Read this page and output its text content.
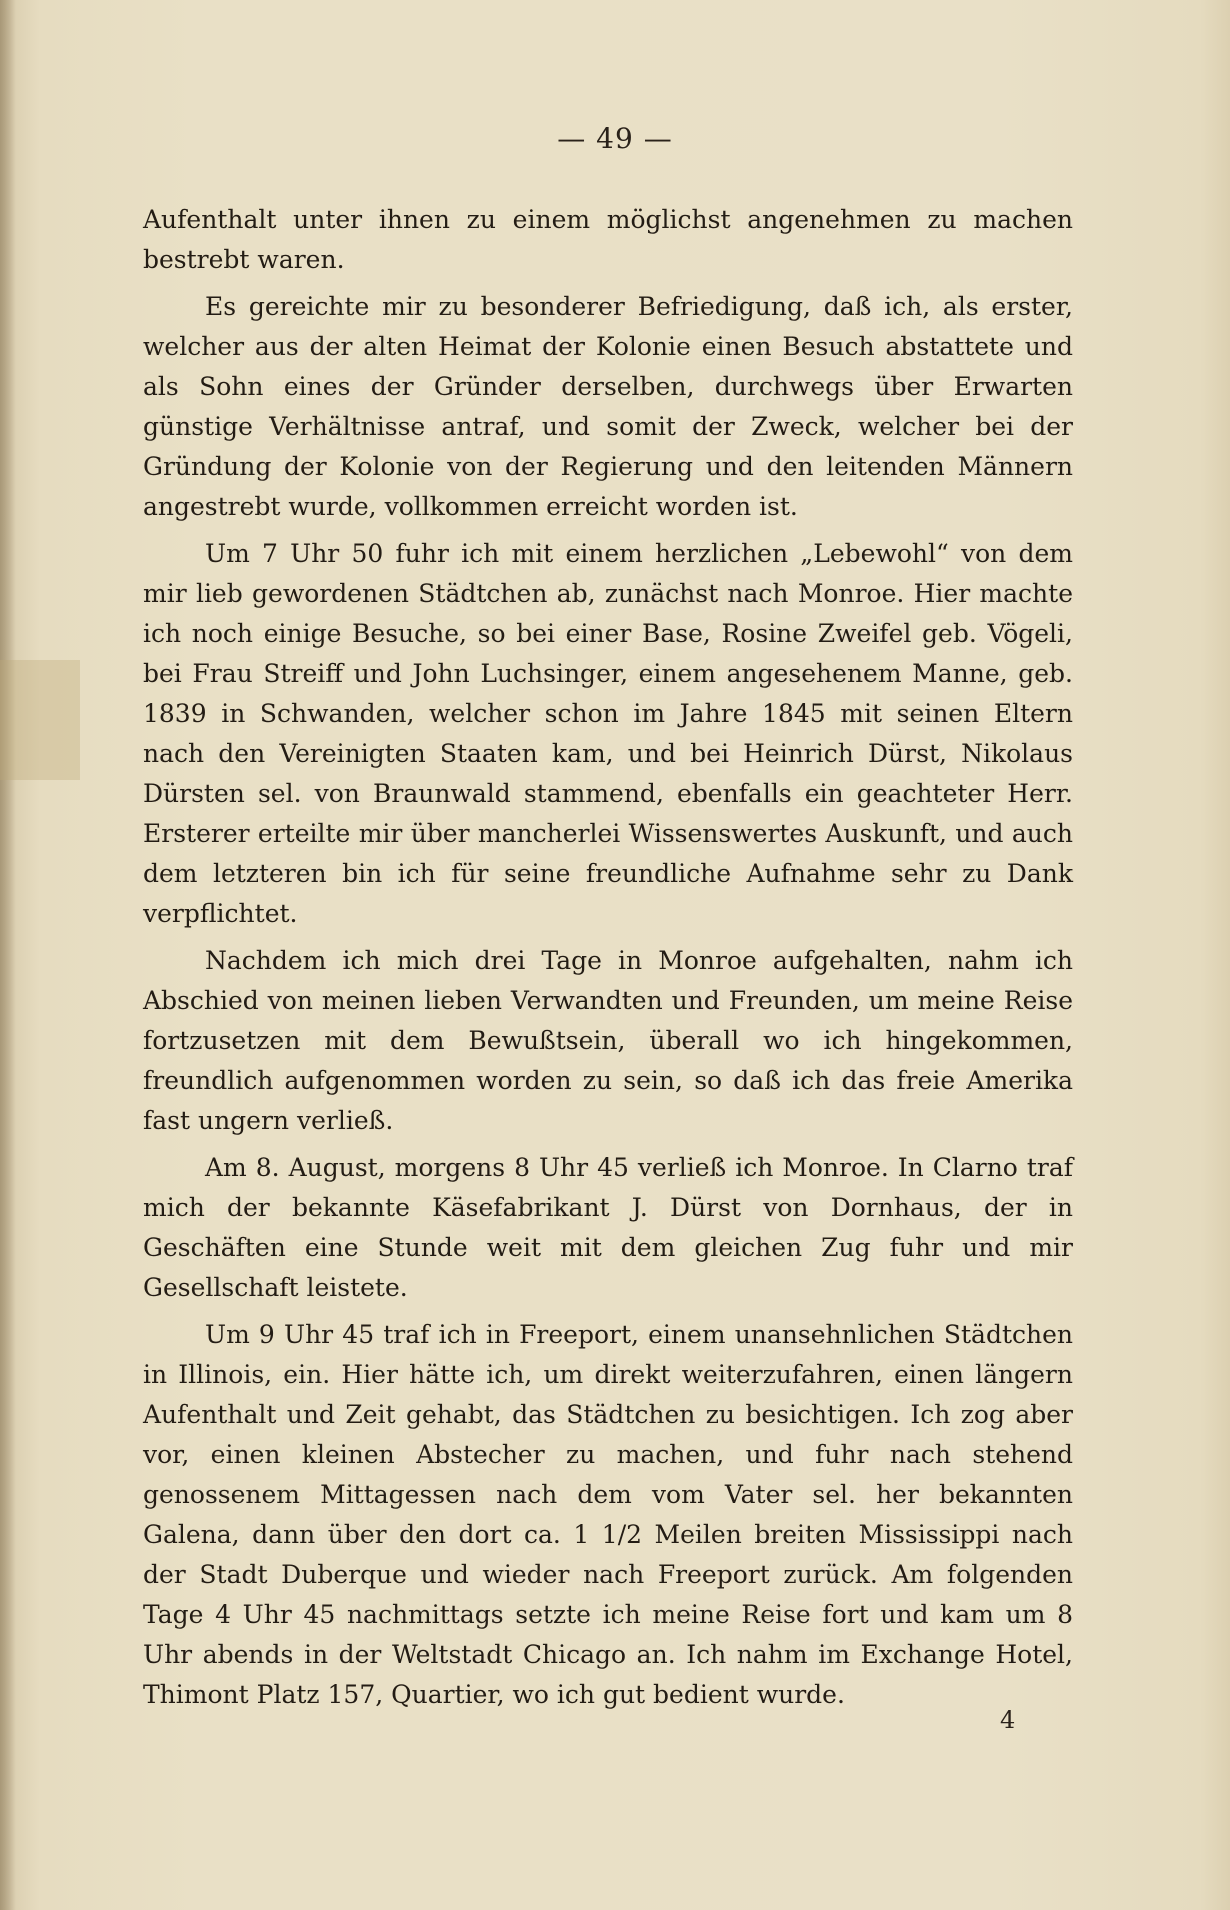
— 49 —

Aufenthalt unter ihnen zu einem möglichst angenehmen zu machen bestrebt waren.

Es gereichte mir zu besonderer Befriedigung, daß ich, als erster, welcher aus der alten Heimat der Kolonie einen Besuch abstattete und als Sohn eines der Gründer derselben, durchwegs über Erwarten günstige Verhältnisse antraf, und somit der Zweck, welcher bei der Gründung der Kolonie von der Regierung und den leitenden Männern angestrebt wurde, vollkommen erreicht worden ist.

Um 7 Uhr 50 fuhr ich mit einem herzlichen „Lebewohl“ von dem mir lieb gewordenen Städtchen ab, zunächst nach Monroe. Hier machte ich noch einige Besuche, so bei einer Base, Rosine Zweifel geb. Vögeli, bei Frau Streiff und John Luchsinger, einem angesehenem Manne, geb. 1839 in Schwanden, welcher schon im Jahre 1845 mit seinen Eltern nach den Vereinigten Staaten kam, und bei Heinrich Dürst, Nikolaus Dürsten sel. von Braunwald stammend, ebenfalls ein geachteter Herr. Ersterer erteilte mir über mancherlei Wissenswertes Auskunft, und auch dem letzteren bin ich für seine freundliche Aufnahme sehr zu Dank verpflichtet.

Nachdem ich mich drei Tage in Monroe aufgehalten, nahm ich Abschied von meinen lieben Verwandten und Freunden, um meine Reise fortzusetzen mit dem Bewußtsein, überall wo ich hingekommen, freundlich aufgenommen worden zu sein, so daß ich das freie Amerika fast ungern verließ.

Am 8. August, morgens 8 Uhr 45 verließ ich Monroe. In Clarno traf mich der bekannte Käsefabrikant J. Dürst von Dornhaus, der in Geschäften eine Stunde weit mit dem gleichen Zug fuhr und mir Gesellschaft leistete.

Um 9 Uhr 45 traf ich in Freeport, einem unansehnlichen Städtchen in Illinois, ein. Hier hätte ich, um direkt weiterzufahren, einen längern Aufenthalt und Zeit gehabt, das Städtchen zu besichtigen. Ich zog aber vor, einen kleinen Abstecher zu machen, und fuhr nach stehend genossenem Mittagessen nach dem vom Vater sel. her bekannten Galena, dann über den dort ca. 1 1/2 Meilen breiten Mississippi nach der Stadt Duberque und wieder nach Freeport zurück. Am folgenden Tage 4 Uhr 45 nachmittags setzte ich meine Reise fort und kam um 8 Uhr abends in der Weltstadt Chicago an. Ich nahm im Exchange Hotel, Thimont Platz 157, Quartier, wo ich gut bedient wurde.

4
